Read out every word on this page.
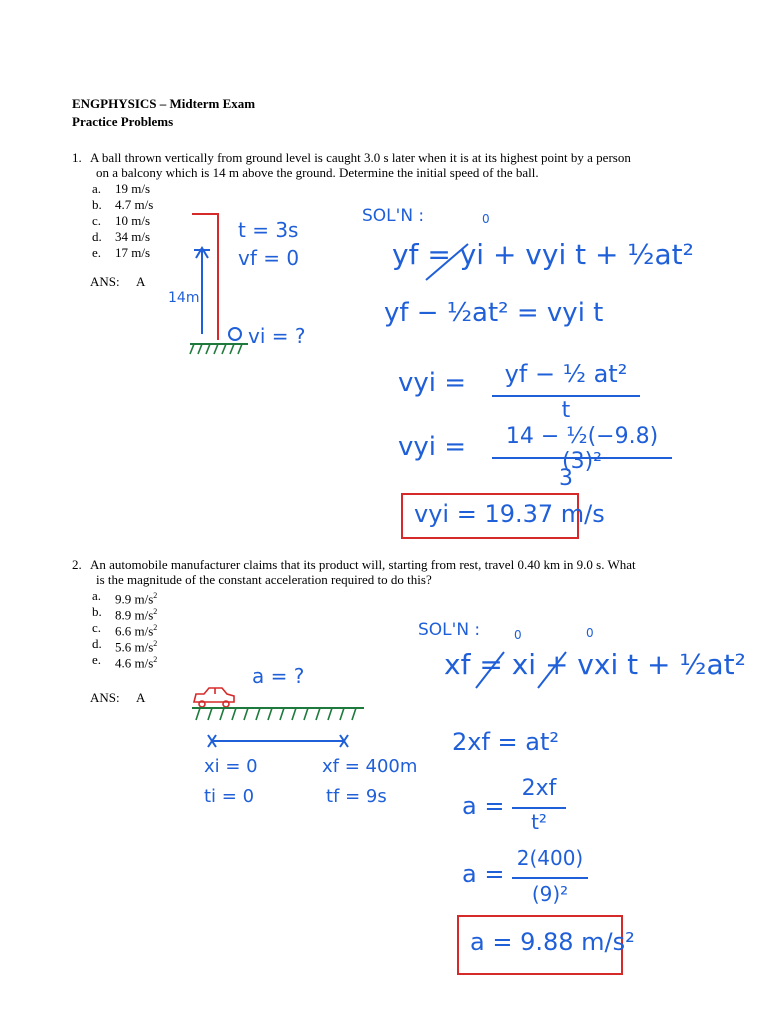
ENGPHYSICS – Midterm Exam
Practice Problems
1. A ball thrown vertically from ground level is caught 3.0 s later when it is at its highest point by a person
on a balcony which is 14 m above the ground. Determine the initial speed of the ball.
a. 19 m/s
b. 4.7 m/s
c. 10 m/s
d. 34 m/s
e. 17 m/s
ANS: A
t = 3s
vf = 0
14m
vi = ?
SOL'N :	0
yf = yi + vyi t + ½at²
yf − ½at² = vyi t
vyi =	yf − ½ at²
t
vyi =	14 − ½(−9.8)(3)²
3
vyi = 19.37 m/s
2. An automobile manufacturer claims that its product will, starting from rest, travel 0.40 km in 9.0 s. What
is the magnitude of the constant acceleration required to do this?
a. 9.9 $m/s^2$
b. 8.9 $m/s^2$
c. 6.6 $m/s^2$
d. 5.6 $m/s^2$
e. 4.6 $m/s^2$
ANS: A
a = ?
xi = 0
ti = 0
xf = 400m
tf = 9s
SOL'N :	0	0
xf = xi + vxi t + ½at²
2xf = at²
a =
2xf
t²
a =
2(400)
(9)²
a = 9.88 m/s²
